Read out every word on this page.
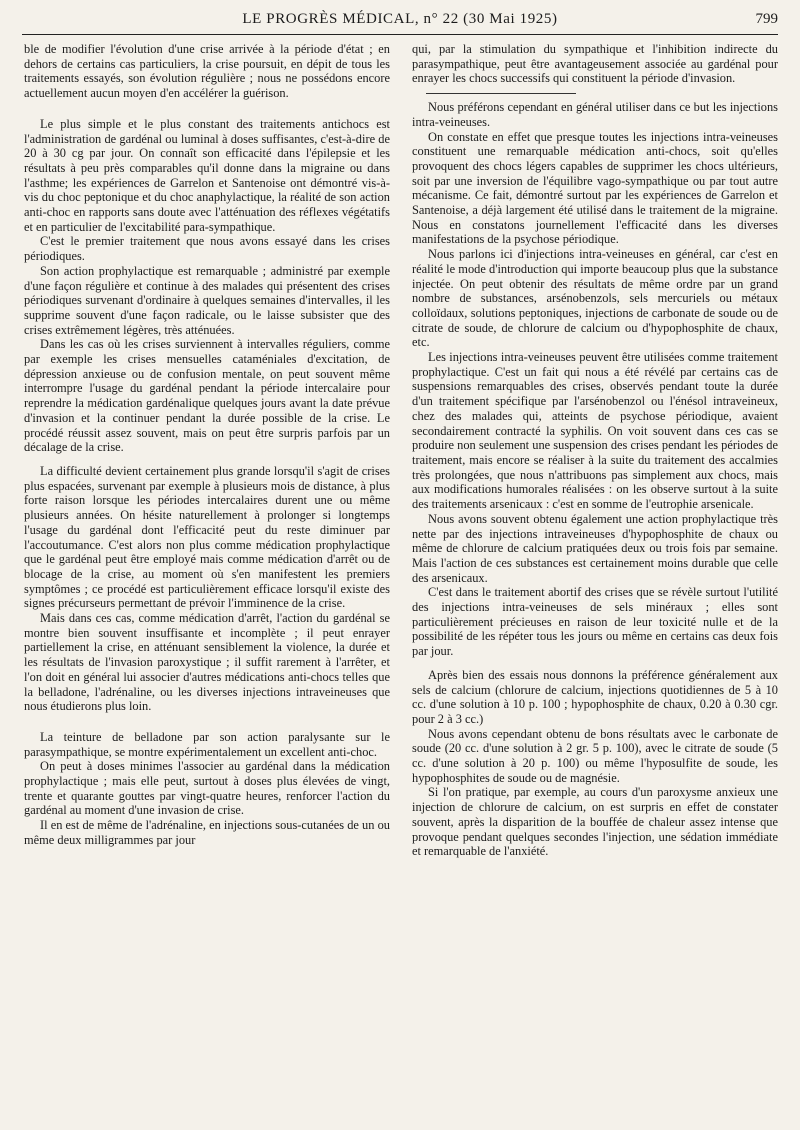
LE PROGRÈS MÉDICAL, n° 22 (30 Mai 1925)	799

ble de modifier l'évolution d'une crise arrivée à la période d'état ; en dehors de certains cas particuliers, la crise poursuit, en dépit de tous les traitements essayés, son évolution régulière ; nous ne possédons encore actuellement aucun moyen d'en accélérer la guérison.

Le plus simple et le plus constant des traitements antichocs est l'administration de gardénal ou luminal à doses suffisantes, c'est-à-dire de 20 à 30 cg par jour. On connaît son efficacité dans l'épilepsie et les résultats à peu près comparables qu'il donne dans la migraine ou dans l'asthme; les expériences de Garrelon et Santenoise ont démontré vis-à-vis du choc peptonique et du choc anaphylactique, la réalité de son action anti-choc en rapports sans doute avec l'atténuation des réflexes végétatifs et en particulier de l'excitabilité para-sympathique.

C'est le premier traitement que nous avons essayé dans les crises périodiques.

Son action prophylactique est remarquable ; administré par exemple d'une façon régulière et continue à des malades qui présentent des crises périodiques survenant d'ordinaire à quelques semaines d'intervalles, il les supprime souvent d'une façon radicale, ou le laisse subsister que des crises extrêmement légères, très atténuées.

Dans les cas où les crises surviennent à intervalles réguliers, comme par exemple les crises mensuelles cataméniales d'excitation, de dépression anxieuse ou de confusion mentale, on peut souvent même interrompre l'usage du gardénal pendant la période intercalaire pour reprendre la médication gardénalique quelques jours avant la date prévue d'invasion et la continuer pendant la durée possible de la crise. Le procédé réussit assez souvent, mais on peut être surpris parfois par un décalage de la crise.

La difficulté devient certainement plus grande lorsqu'il s'agit de crises plus espacées, survenant par exemple à plusieurs mois de distance, à plus forte raison lorsque les périodes intercalaires durent une ou même plusieurs années. On hésite naturellement à prolonger si longtemps l'usage du gardénal dont l'efficacité peut du reste diminuer par l'accoutumance. C'est alors non plus comme médication prophylactique que le gardénal peut être employé mais comme médication d'arrêt ou de blocage de la crise, au moment où s'en manifestent les premiers symptômes ; ce procédé est particulièrement efficace lorsqu'il existe des signes précurseurs permettant de prévoir l'imminence de la crise.

Mais dans ces cas, comme médication d'arrêt, l'action du gardénal se montre bien souvent insuffisante et incomplète ; il peut enrayer partiellement la crise, en atténuant sensiblement la violence, la durée et les résultats de l'invasion paroxystique ; il suffit rarement à l'arrêter, et l'on doit en général lui associer d'autres médications anti-chocs telles que la belladone, l'adrénaline, ou les diverses injections intraveineuses que nous étudierons plus loin.

La teinture de belladone par son action paralysante sur le parasympathique, se montre expérimentalement un excellent anti-choc.

On peut à doses minimes l'associer au gardénal dans la médication prophylactique ; mais elle peut, surtout à doses plus élevées de vingt, trente et quarante gouttes par vingt-quatre heures, renforcer l'action du gardénal au moment d'une invasion de crise.

Il en est de même de l'adrénaline, en injections sous-cutanées de un ou même deux milligrammes par jour

qui, par la stimulation du sympathique et l'inhibition indirecte du parasympathique, peut être avantageusement associée au gardénal pour enrayer les chocs successifs qui constituent la période d'invasion.

Nous préférons cependant en général utiliser dans ce but les injections intra-veineuses.

On constate en effet que presque toutes les injections intra-veineuses constituent une remarquable médication anti-chocs, soit qu'elles provoquent des chocs légers capables de supprimer les chocs ultérieurs, soit par une inversion de l'équilibre vago-sympathique ou par tout autre mécanisme. Ce fait, démontré surtout par les expériences de Garrelon et Santenoise, a déjà largement été utilisé dans le traitement de la migraine. Nous en constatons journellement l'efficacité dans les diverses manifestations de la psychose périodique.

Nous parlons ici d'injections intra-veineuses en général, car c'est en réalité le mode d'introduction qui importe beaucoup plus que la substance injectée. On peut obtenir des résultats de même ordre par un grand nombre de substances, arsénobenzols, sels mercuriels ou métaux colloïdaux, solutions peptoniques, injections de carbonate de soude ou de citrate de soude, de chlorure de calcium ou d'hypophosphite de chaux, etc.

Les injections intra-veineuses peuvent être utilisées comme traitement prophylactique. C'est un fait qui nous a été révélé par certains cas de suspensions remarquables des crises, observés pendant toute la durée d'un traitement spécifique par l'arsénobenzol ou l'énésol intraveineux, chez des malades qui, atteints de psychose périodique, avaient secondairement contracté la syphilis. On voit souvent dans ces cas se produire non seulement une suspension des crises pendant les périodes de traitement, mais encore se réaliser à la suite du traitement des accalmies très prolongées, que nous n'attribuons pas simplement aux chocs, mais aux modifications humorales réalisées : on les observe surtout à la suite des traitements arsenicaux : c'est en somme de l'eutrophie arsenicale.

Nous avons souvent obtenu également une action prophylactique très nette par des injections intraveineuses d'hypophosphite de chaux ou même de chlorure de calcium pratiquées deux ou trois fois par semaine. Mais l'action de ces substances est certainement moins durable que celle des arsenicaux.

C'est dans le traitement abortif des crises que se révèle surtout l'utilité des injections intra-veineuses de sels minéraux ; elles sont particulièrement précieuses en raison de leur toxicité nulle et de la possibilité de les répéter tous les jours ou même en certains cas deux fois par jour.

Après bien des essais nous donnons la préférence généralement aux sels de calcium (chlorure de calcium, injections quotidiennes de 5 à 10 cc. d'une solution à 10 p. 100 ; hypophosphite de chaux, 0.20 à 0.30 cgr. pour 2 à 3 cc.)

Nous avons cependant obtenu de bons résultats avec le carbonate de soude (20 cc. d'une solution à 2 gr. 5 p. 100), avec le citrate de soude (5 cc. d'une solution à 20 p. 100) ou même l'hyposulfite de soude, les hypophosphites de soude ou de magnésie.

Si l'on pratique, par exemple, au cours d'un paroxysme anxieux une injection de chlorure de calcium, on est surpris en effet de constater souvent, après la disparition de la bouffée de chaleur assez intense que provoque pendant quelques secondes l'injection, une sédation immédiate et remarquable de l'anxiété.
